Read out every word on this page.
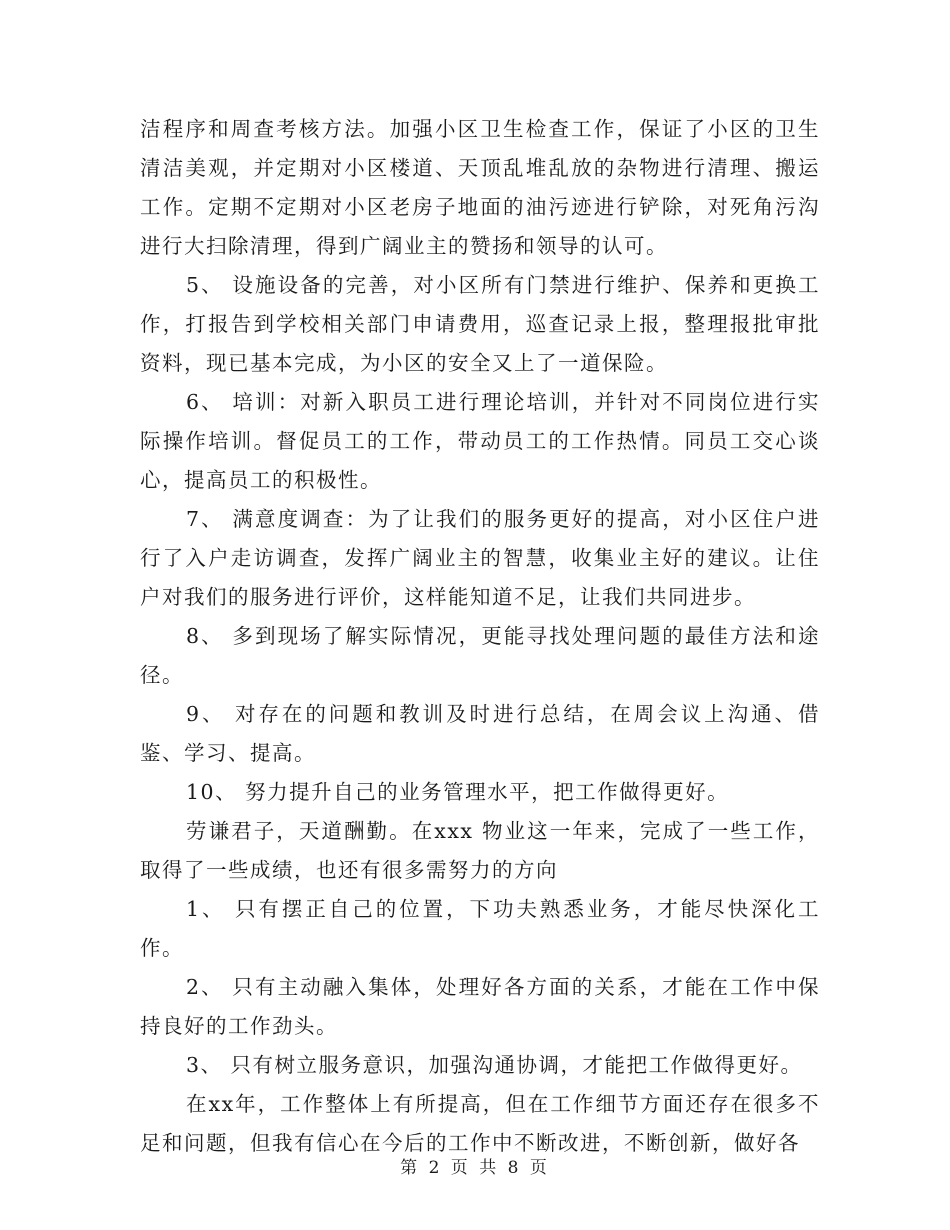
洁程序和周查考核方法。加强小区卫生检查工作，保证了小区的卫生清洁美观，并定期对小区楼道、天顶乱堆乱放的杂物进行清理、搬运工作。定期不定期对小区老房子地面的油污迹进行铲除，对死角污沟进行大扫除清理，得到广阔业主的赞扬和领导的认可。

5、 设施设备的完善，对小区所有门禁进行维护、保养和更换工作，打报告到学校相关部门申请费用，巡查记录上报，整理报批审批资料，现已基本完成，为小区的安全又上了一道保险。

6、 培训：对新入职员工进行理论培训，并针对不同岗位进行实际操作培训。督促员工的工作，带动员工的工作热情。同员工交心谈心，提高员工的积极性。

7、 满意度调查：为了让我们的服务更好的提高，对小区住户进行了入户走访调查，发挥广阔业主的智慧，收集业主好的建议。让住户对我们的服务进行评价，这样能知道不足，让我们共同进步。

8、 多到现场了解实际情况，更能寻找处理问题的最佳方法和途径。

9、 对存在的问题和教训及时进行总结，在周会议上沟通、借鉴、学习、提高。

10、 努力提升自己的业务管理水平，把工作做得更好。

劳谦君子，天道酬勤。在xxx 物业这一年来，完成了一些工作，取得了一些成绩，也还有很多需努力的方向

1、 只有摆正自己的位置，下功夫熟悉业务，才能尽快深化工作。

2、 只有主动融入集体，处理好各方面的关系，才能在工作中保持良好的工作劲头。

3、 只有树立服务意识，加强沟通协调，才能把工作做得更好。

在xx年，工作整体上有所提高，但在工作细节方面还存在很多不足和问题，但我有信心在今后的工作中不断改进，不断创新，做好各

第 2 页 共 8 页
